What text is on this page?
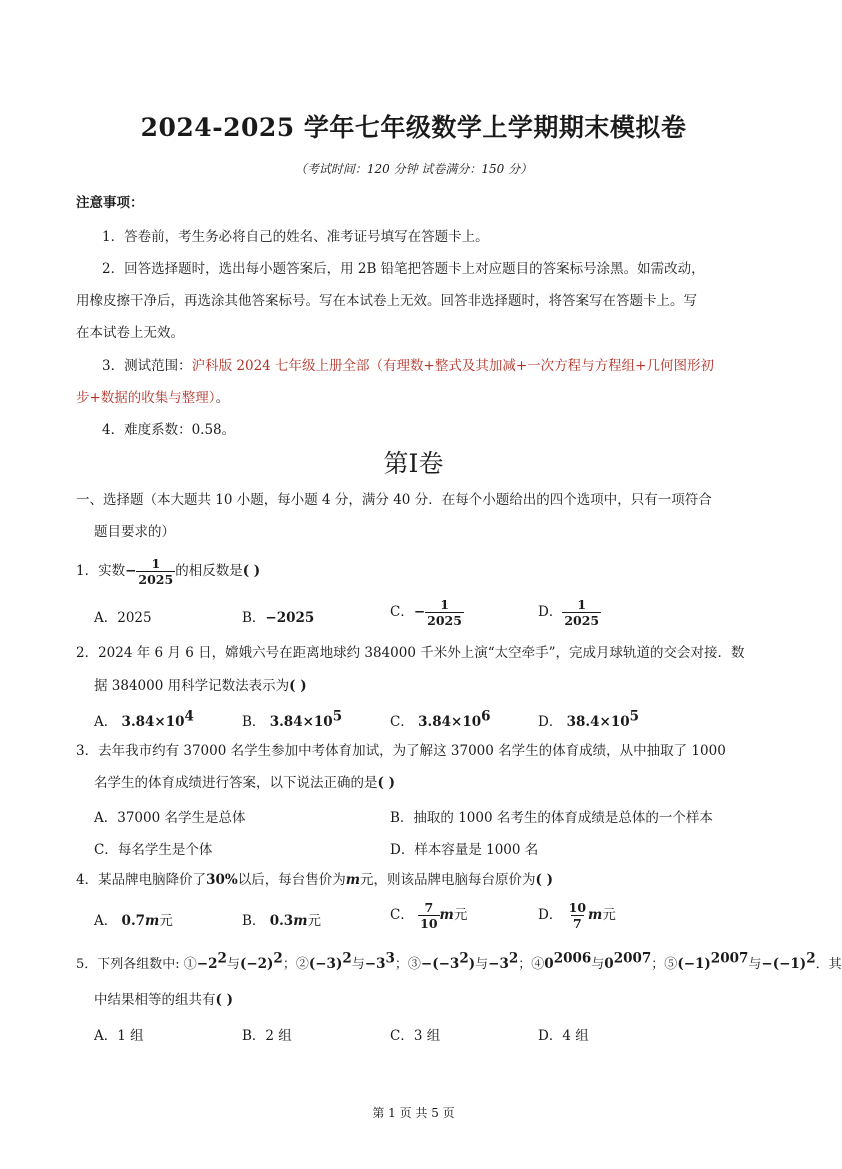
2024-2025 学年七年级数学上学期期末模拟卷
（考试时间：120 分钟 试卷满分：150 分）
注意事项：
1．答卷前，考生务必将自己的姓名、准考证号填写在答题卡上。
2．回答选择题时，选出每小题答案后，用 2B 铅笔把答题卡上对应题目的答案标号涂黑。如需改动，
用橡皮擦干净后，再选涂其他答案标号。写在本试卷上无效。回答非选择题时，将答案写在答题卡上。写
在本试卷上无效。
3．测试范围：沪科版 2024 七年级上册全部（有理数+整式及其加减+一次方程与方程组+几何图形初
步+数据的收集与整理）。
4．难度系数：0.58。
第I卷
一、选择题（本大题共 10 小题，每小题 4 分，满分 40 分．在每个小题给出的四个选项中，只有一项符合
题目要求的）
1．实数− $\frac{1}{2025}$ 的相反数是( )
A．2025	B．−2025	C．− $\frac{1}{2025}$	D． $\frac{1}{2025}$
2．2024 年 6 月 6 日，嫦娥六号在距离地球约 384000 千米外上演“太空牵手”，完成月球轨道的交会对接．数
据 384000 用科学记数法表示为( )
A． $3.84\times 10^4$	B． $3.84\times 10^5$	C． $3.84\times 10^6$	D． $38.4\times 10^5$
3．去年我市约有 37000 名学生参加中考体育加试，为了解这 37000 名学生的体育成绩，从中抽取了 1000
名学生的体育成绩进行答案，以下说法正确的是( )
A．37000 名学生是总体	B．抽取的 1000 名考生的体育成绩是总体的一个样本
C．每名学生是个体	D．样本容量是 1000 名
4．某品牌电脑降价了30%以后，每台售价为m元，则该品牌电脑每台原价为( )
A． 0.7m元	B． 0.3m元	C． $\frac{7}{10}$ m元	D． $\frac{10}{7}$ m元
5．下列各组数中: $①-2^2$与$(-2)^2$；$②(-3)^2$与$-3^3$；$③-(-3^2)$与$-3^2$；$④0^{2006}$与$0^{2007}$；$⑤(-1)^{2007}$与$-(-1)^2$．其
中结果相等的组共有( )
A．1 组	B．2 组	C．3 组	D．4 组
第 1 页 共 5 页
